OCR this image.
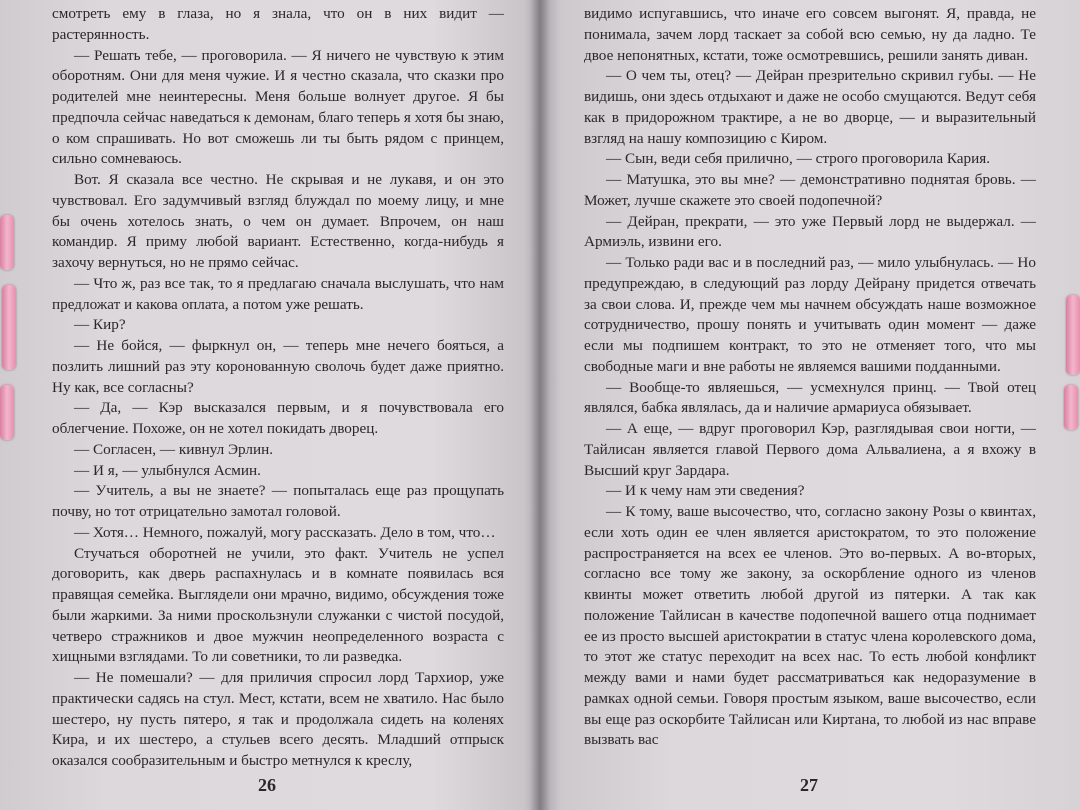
смотреть ему в глаза, но я знала, что он в них видит — растерянность.

— Решать тебе, — проговорила. — Я ничего не чувствую к этим оборотням. Они для меня чужие. И я честно сказала, что сказки про родителей мне неинтересны. Меня больше волнует другое. Я бы предпочла сейчас наведаться к демонам, благо теперь я хотя бы знаю, о ком спрашивать. Но вот сможешь ли ты быть рядом с принцем, сильно сомневаюсь.

Вот. Я сказала все честно. Не скрывая и не лукавя, и он это чувствовал. Его задумчивый взгляд блуждал по моему лицу, и мне бы очень хотелось знать, о чем он думает. Впрочем, он наш командир. Я приму любой вариант. Естественно, когда-нибудь я захочу вернуться, но не прямо сейчас.

— Что ж, раз все так, то я предлагаю сначала выслушать, что нам предложат и какова оплата, а потом уже решать.

— Кир?

— Не бойся, — фыркнул он, — теперь мне нечего бояться, а позлить лишний раз эту коронованную сволочь будет даже приятно. Ну как, все согласны?

— Да, — Кэр высказался первым, и я почувствовала его облегчение. Похоже, он не хотел покидать дворец.

— Согласен, — кивнул Эрлин.

— И я, — улыбнулся Асмин.

— Учитель, а вы не знаете? — попыталась еще раз прощупать почву, но тот отрицательно замотал головой.

— Хотя… Немного, пожалуй, могу рассказать. Дело в том, что…

Стучаться оборотней не учили, это факт. Учитель не успел договорить, как дверь распахнулась и в комнате появилась вся правящая семейка. Выглядели они мрачно, видимо, обсуждения тоже были жаркими. За ними проскользнули служанки с чистой посудой, четверо стражников и двое мужчин неопределенного возраста с хищными взглядами. То ли советники, то ли разведка.

— Не помешали? — для приличия спросил лорд Тархиор, уже практически садясь на стул. Мест, кстати, всем не хватило. Нас было шестеро, ну пусть пятеро, я так и продолжала сидеть на коленях Кира, и их шестеро, а стульев всего десять. Младший отпрыск оказался сообразительным и быстро метнулся к креслу,

26

видимо испугавшись, что иначе его совсем выгонят. Я, правда, не понимала, зачем лорд таскает за собой всю семью, ну да ладно. Те двое непонятных, кстати, тоже осмотревшись, решили занять диван.

— О чем ты, отец? — Дейран презрительно скривил губы. — Не видишь, они здесь отдыхают и даже не особо смущаются. Ведут себя как в придорожном трактире, а не во дворце, — и выразительный взгляд на нашу композицию с Киром.

— Сын, веди себя прилично, — строго проговорила Кария.

— Матушка, это вы мне? — демонстративно поднятая бровь. — Может, лучше скажете это своей подопечной?

— Дейран, прекрати, — это уже Первый лорд не выдержал. — Армиэль, извини его.

— Только ради вас и в последний раз, — мило улыбнулась. — Но предупреждаю, в следующий раз лорду Дейрану придется отвечать за свои слова. И, прежде чем мы начнем обсуждать наше возможное сотрудничество, прошу понять и учитывать один момент — даже если мы подпишем контракт, то это не отменяет того, что мы свободные маги и вне работы не являемся вашими подданными.

— Вообще-то являешься, — усмехнулся принц. — Твой отец являлся, бабка являлась, да и наличие армариуса обязывает.

— А еще, — вдруг проговорил Кэр, разглядывая свои ногти, — Тайлисан является главой Первого дома Альвалиена, а я вхожу в Высший круг Зардара.

— И к чему нам эти сведения?

— К тому, ваше высочество, что, согласно закону Розы о квинтах, если хоть один ее член является аристократом, то это положение распространяется на всех ее членов. Это во-первых. А во-вторых, согласно все тому же закону, за оскорбление одного из членов квинты может ответить любой другой из пятерки. А так как положение Тайлисан в качестве подопечной вашего отца поднимает ее из просто высшей аристократии в статус члена королевского дома, то этот же статус переходит на всех нас. То есть любой конфликт между вами и нами будет рассматриваться как недоразумение в рамках одной семьи. Говоря простым языком, ваше высочество, если вы еще раз оскорбите Тайлисан или Киртана, то любой из нас вправе вызвать вас

27
